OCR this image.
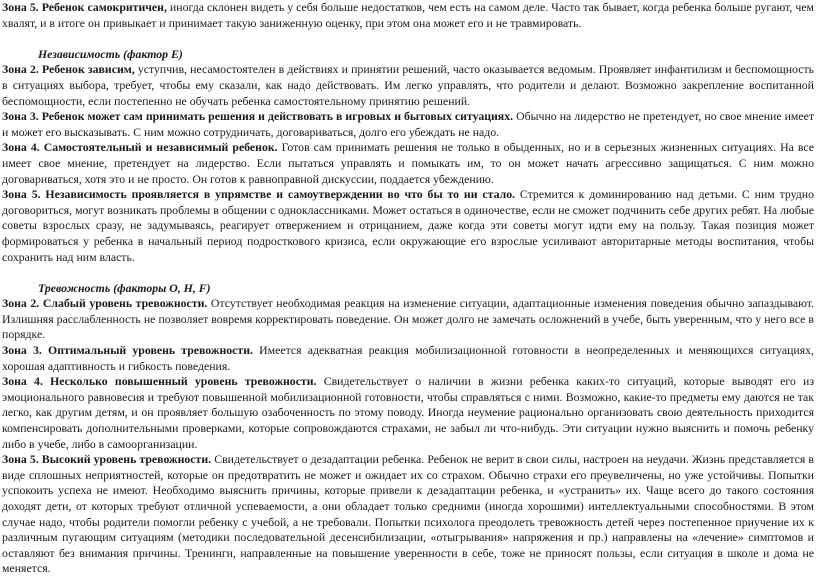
Зона 5. Ребенок самокритичен, иногда склонен видеть у себя больше недостатков, чем есть на самом деле. Часто так бывает, когда ребенка больше ругают, чем хвалят, и в итоге он привыкает и принимает такую заниженную оценку, при этом она может его и не травмировать.

Независимость (фактор E)

Зона 2. Ребенок зависим, уступчив, несамостоятелен в действиях и принятии решений, часто оказывается ведомым. Проявляет инфантилизм и беспомощность в ситуациях выбора, требует, чтобы ему сказали, как надо действовать. Им легко управлять, что родители и делают. Возможно закрепление воспитанной беспомощности, если постепенно не обучать ребенка самостоятельному принятию решений.

Зона 3. Ребенок может сам принимать решения и действовать в игровых и бытовых ситуациях. Обычно на лидерство не претендует, но свое мнение имеет и может его высказывать. С ним можно сотрудничать, договариваться, долго его убеждать не надо.

Зона 4. Самостоятельный и независимый ребенок. Готов сам принимать решения не только в обыденных, но и в серьезных жизненных ситуациях. На все имеет свое мнение, претендует на лидерство. Если пытаться управлять и помыкать им, то он может начать агрессивно защищаться. С ним можно договариваться, хотя это и не просто. Он готов к равноправной дискуссии, поддается убеждению.

Зона 5. Независимость проявляется в упрямстве и самоутверждении во что бы то ни стало. Стремится к доминированию над детьми. С ним трудно договориться, могут возникать проблемы в общении с одноклассниками. Может остаться в одиночестве, если не сможет подчинить себе других ребят. На любые советы взрослых сразу, не задумываясь, реагирует отвержением и отрицанием, даже когда эти советы могут идти ему на пользу. Такая позиция может формироваться у ребенка в начальный период подросткового кризиса, если окружающие его взрослые усиливают авторитарные методы воспитания, чтобы сохранить над ним власть.

Тревожность (факторы O, H, F)

Зона 2. Слабый уровень тревожности. Отсутствует необходимая реакция на изменение ситуации, адаптационные изменения поведения обычно запаздывают. Излишняя расслабленность не позволяет вовремя корректировать поведение. Он может долго не замечать осложнений в учебе, быть уверенным, что у него все в порядке.

Зона 3. Оптимальный уровень тревожности. Имеется адекватная реакция мобилизационной готовности в неопределенных и меняющихся ситуациях, хорошая адаптивность и гибкость поведения.

Зона 4. Несколько повышенный уровень тревожности. Свидетельствует о наличии в жизни ребенка каких-то ситуаций, которые выводят его из эмоционального равновесия и требуют повышенной мобилизационной готовности, чтобы справляться с ними. Возможно, какие-то предметы ему даются не так легко, как другим детям, и он проявляет большую озабоченность по этому поводу. Иногда неумение рационально организовать свою деятельность приходится компенсировать дополнительными проверками, которые сопровождаются страхами, не забыл ли что-нибудь. Эти ситуации нужно выяснить и помочь ребенку либо в учебе, либо в самоорганизации.

Зона 5. Высокий уровень тревожности. Свидетельствует о дезадаптации ребенка. Ребенок не верит в свои силы, настроен на неудачи. Жизнь представляется в виде сплошных неприятностей, которые он предотвратить не может и ожидает их со страхом. Обычно страхи его преувеличены, но уже устойчивы. Попытки успокоить успеха не имеют. Необходимо выяснить причины, которые привели к дезадаптации ребенка, и «устранить» их. Чаще всего до такого состояния доходят дети, от которых требуют отличной успеваемости, а они обладает только средними (иногда хорошими) интеллектуальными способностями. В этом случае надо, чтобы родители помогли ребенку с учебой, а не требовали. Попытки психолога преодолеть тревожность детей через постепенное приучение их к различным пугающим ситуациям (методики последовательной десенсибилизации, «отыгрывания» напряжения и пр.) направлены на «лечение» симптомов и оставляют без внимания причины. Тренинги, направленные на повышение уверенности в себе, тоже не приносят пользы, если ситуация в школе и дома не меняется.
